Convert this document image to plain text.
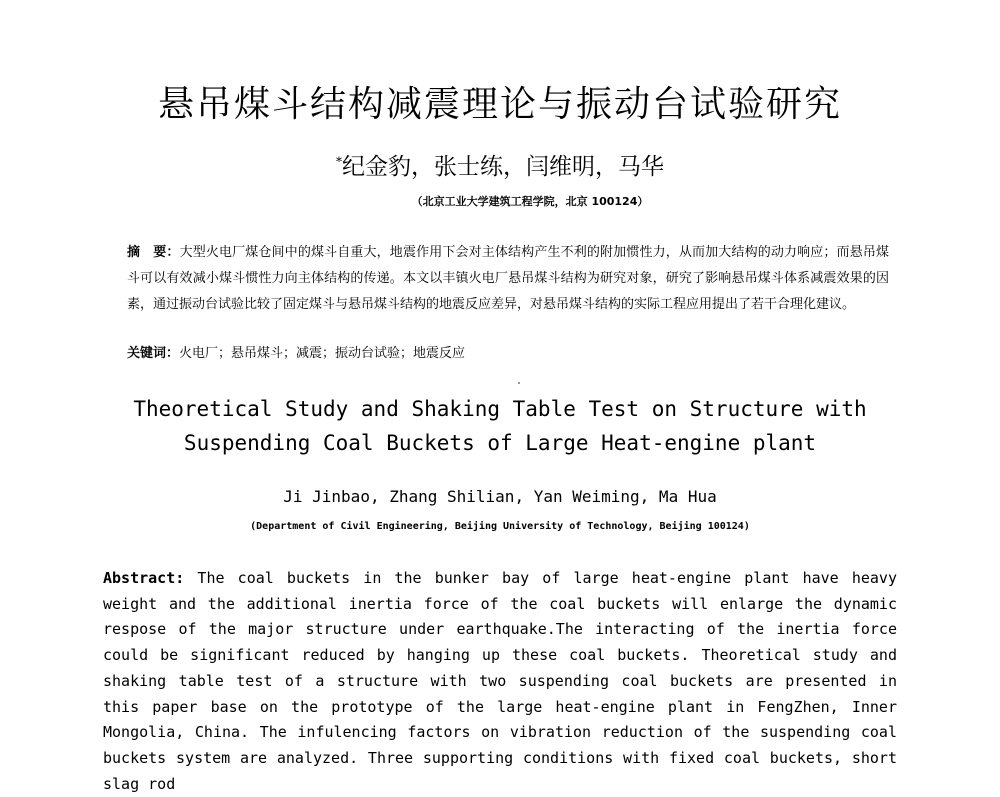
悬吊煤斗结构减震理论与振动台试验研究
*纪金豹，张士练，闫维明，马华
（北京工业大学建筑工程学院，北京 100124）
摘　要：大型火电厂煤仓间中的煤斗自重大，地震作用下会对主体结构产生不利的附加惯性力，从而加大结构的动力响应；而悬吊煤斗可以有效减小煤斗惯性力向主体结构的传递。本文以丰镇火电厂悬吊煤斗结构为研究对象，研究了影响悬吊煤斗体系减震效果的因素，通过振动台试验比较了固定煤斗与悬吊煤斗结构的地震反应差异，对悬吊煤斗结构的实际工程应用提出了若干合理化建议。
关键词：火电厂；悬吊煤斗；减震；振动台试验；地震反应
Theoretical Study and Shaking Table Test on Structure with
Suspending Coal Buckets of Large Heat-engine plant
Ji Jinbao, Zhang Shilian, Yan Weiming, Ma Hua
(Department of Civil Engineering, Beijing University of Technology, Beijing 100124)
Abstract: The coal buckets in the bunker bay of large heat-engine plant have heavy weight and the additional inertia force of the coal buckets will enlarge the dynamic respose of the major structure under earthquake.The interacting of the inertia force could be significant reduced by hanging up these coal buckets. Theoretical study and shaking table test of a structure with two suspending coal buckets are presented in this paper base on the prototype of the large heat-engine plant in FengZhen, Inner Mongolia, China. The infulencing factors on vibration reduction of the suspending coal buckets system are analyzed. Three supporting conditions with fixed coal buckets, short slag rod
